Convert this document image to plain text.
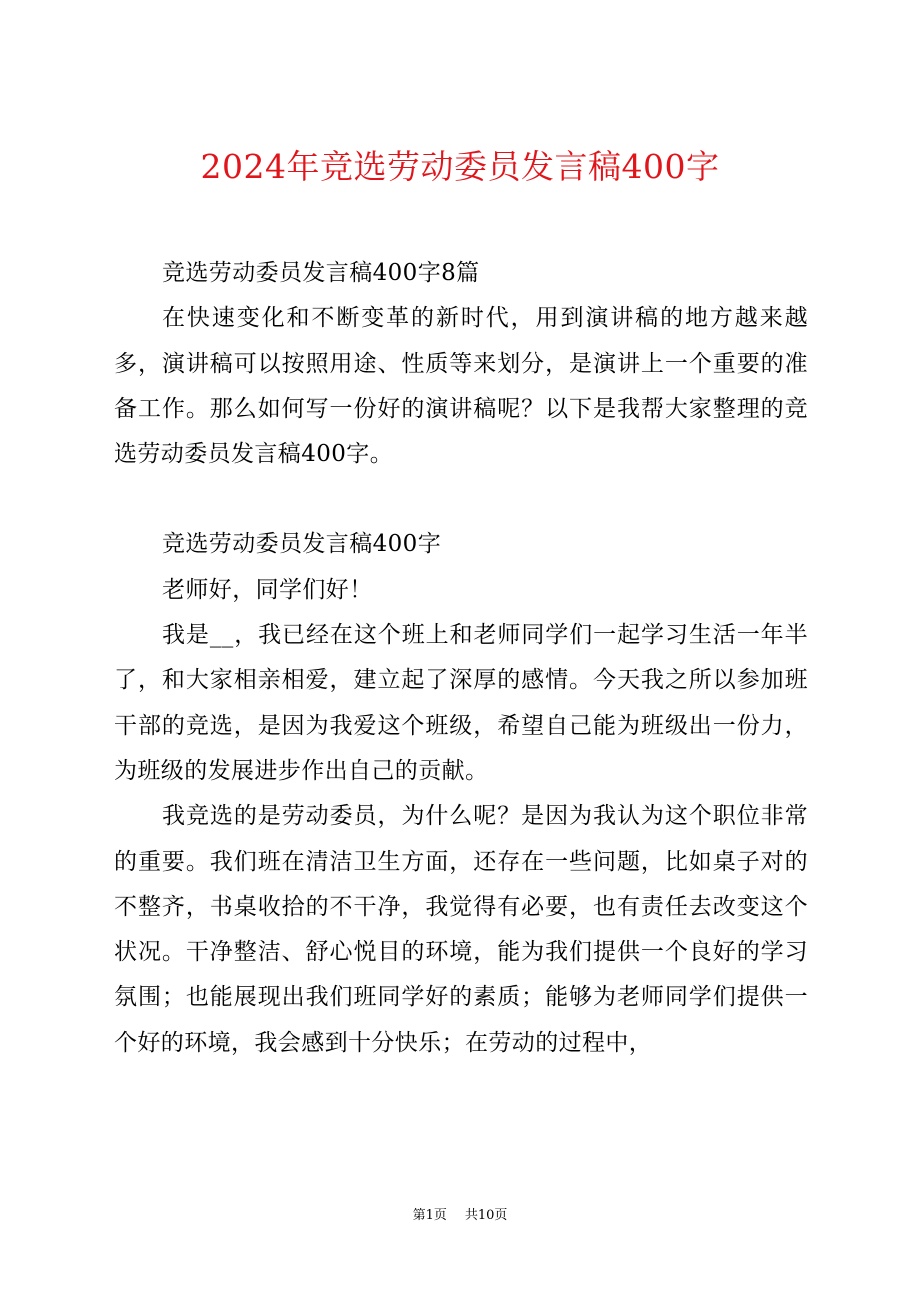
2024年竞选劳动委员发言稿400字

竞选劳动委员发言稿400字8篇

在快速变化和不断变革的新时代，用到演讲稿的地方越来越多，演讲稿可以按照用途、性质等来划分，是演讲上一个重要的准备工作。那么如何写一份好的演讲稿呢？以下是我帮大家整理的竞选劳动委员发言稿400字。

竞选劳动委员发言稿400字

老师好，同学们好！

我是__，我已经在这个班上和老师同学们一起学习生活一年半了，和大家相亲相爱，建立起了深厚的感情。今天我之所以参加班干部的竞选，是因为我爱这个班级，希望自己能为班级出一份力，为班级的发展进步作出自己的贡献。

我竞选的是劳动委员，为什么呢？是因为我认为这个职位非常的重要。我们班在清洁卫生方面，还存在一些问题，比如桌子对的不整齐，书桌收拾的不干净，我觉得有必要，也有责任去改变这个状况。干净整洁、舒心悦目的环境，能为我们提供一个良好的学习氛围；也能展现出我们班同学好的素质；能够为老师同学们提供一个好的环境，我会感到十分快乐；在劳动的过程中，

第1页 共10页
